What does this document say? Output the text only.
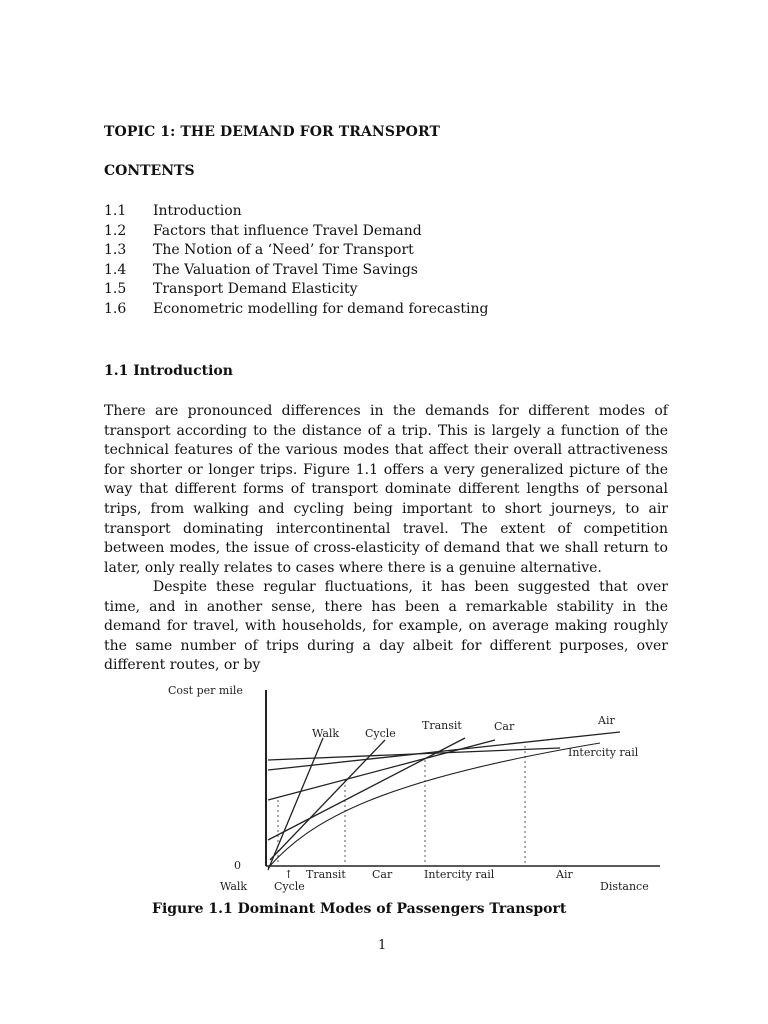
TOPIC 1: THE DEMAND FOR TRANSPORT
CONTENTS
1.1	Introduction
1.2	Factors that influence Travel Demand
1.3	The Notion of a ‘Need’ for Transport
1.4	The Valuation of Travel Time Savings
1.5	Transport Demand Elasticity
1.6	Econometric modelling for demand forecasting
1.1 Introduction

There are pronounced differences in the demands for different modes of transport according to the distance of a trip. This is largely a function of the technical features of the various modes that affect their overall attractiveness for shorter or longer trips. Figure 1.1 offers a very generalized picture of the way that different forms of transport dominate different lengths of personal trips, from walking and cycling being important to short journeys, to air transport dominating intercontinental travel. The extent of competition between modes, the issue of cross-elasticity of demand that we shall return to later, only really relates to cases where there is a genuine alternative.

Despite these regular fluctuations, it has been suggested that over time, and in another sense, there has been a remarkable stability in the demand for travel, with households, for example, on average making roughly the same number of trips during a day albeit for different purposes, over different routes, or by

Cost per mile
0
Walk Cycle
Transit	Car	Air
Intercity rail
↑
Walk Cycle
Transit Car	Intercity rail	Air
Distance
Figure 1.1 Dominant Modes of Passengers Transport
1
